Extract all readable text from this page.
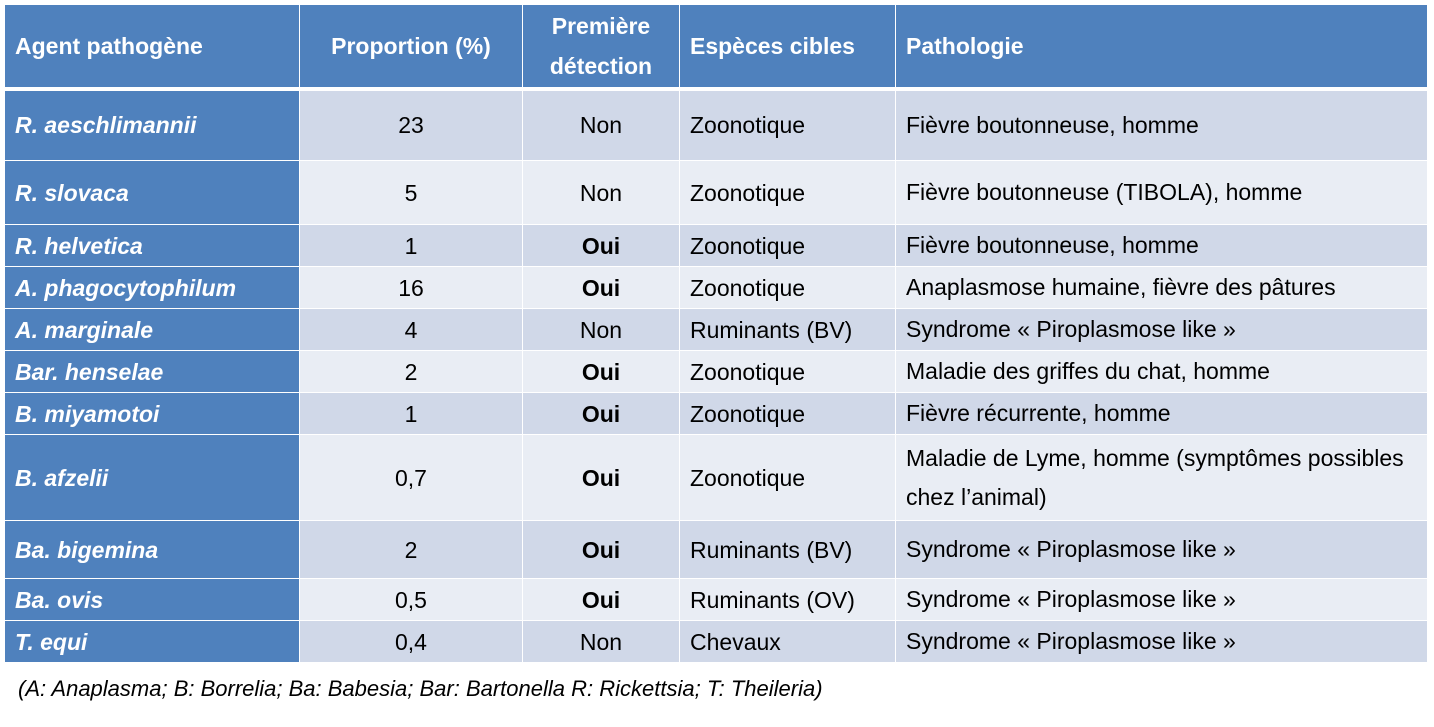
Agent pathogène	Proportion (%)	Première détection	Espèces cibles	Pathologie
R. aeschlimannii	23	Non	Zoonotique	Fièvre boutonneuse, homme
R. slovaca	5	Non	Zoonotique	Fièvre boutonneuse (TIBOLA), homme
R. helvetica	1	Oui	Zoonotique	Fièvre boutonneuse, homme
A. phagocytophilum	16	Oui	Zoonotique	Anaplasmose humaine, fièvre des pâtures
A. marginale	4	Non	Ruminants (BV)	Syndrome « Piroplasmose like »
Bar. henselae	2	Oui	Zoonotique	Maladie des griffes du chat, homme
B. miyamotoi	1	Oui	Zoonotique	Fièvre récurrente, homme
B. afzelii	0,7	Oui	Zoonotique	Maladie de Lyme, homme (symptômes possibles chez l’animal)
Ba. bigemina	2	Oui	Ruminants (BV)	Syndrome « Piroplasmose like »
Ba. ovis	0,5	Oui	Ruminants (OV)	Syndrome « Piroplasmose like »
T. equi	0,4	Non	Chevaux	Syndrome « Piroplasmose like »
(A: Anaplasma; B: Borrelia; Ba: Babesia; Bar: Bartonella R: Rickettsia; T: Theileria)
